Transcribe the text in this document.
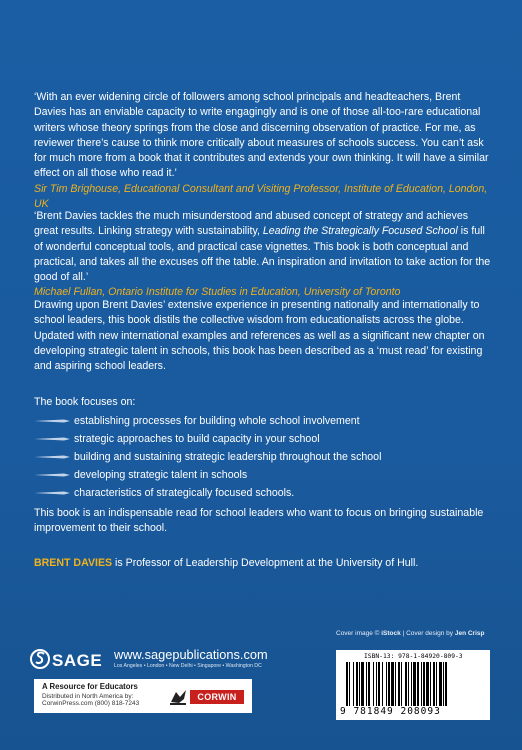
‘With an ever widening circle of followers among school principals and headteachers, Brent Davies has an enviable capacity to write engagingly and is one of those all-too-rare educational writers whose theory springs from the close and discerning observation of practice. For me, as reviewer there’s cause to think more critically about measures of schools success. You can’t ask for much more from a book that it contributes and extends your own thinking. It will have a similar effect on all those who read it.’
Sir Tim Brighouse, Educational Consultant and Visiting Professor, Institute of Education, London, UK
‘Brent Davies tackles the much misunderstood and abused concept of strategy and achieves great results. Linking strategy with sustainability, Leading the Strategically Focused School is full of wonderful conceptual tools, and practical case vignettes. This book is both conceptual and practical, and takes all the excuses off the table. An inspiration and invitation to take action for the good of all.’
Michael Fullan, Ontario Institute for Studies in Education, University of Toronto
Drawing upon Brent Davies’ extensive experience in presenting nationally and internationally to school leaders, this book distils the collective wisdom from educationalists across the globe. Updated with new international examples and references as well as a significant new chapter on developing strategic talent in schools, this book has been described as a ‘must read’ for existing and aspiring school leaders.
The book focuses on:
establishing processes for building whole school involvement
strategic approaches to build capacity in your school
building and sustaining strategic leadership throughout the school
developing strategic talent in schools
characteristics of strategically focused schools.
This book is an indispensable read for school leaders who want to focus on bringing sustainable improvement to their school.
BRENT DAVIES is Professor of Leadership Development at the University of Hull.
Cover image © iStock | Cover design by Jen Crisp
SAGE www.sagepublications.com
Los Angeles • London • New Delhi • Singapore • Washington DC
A Resource for Educators
Distributed in North America by:
CorwinPress.com (800) 818-7243
CORWIN
ISBN-13: 978-1-84920-809-3
9 781849 208093
